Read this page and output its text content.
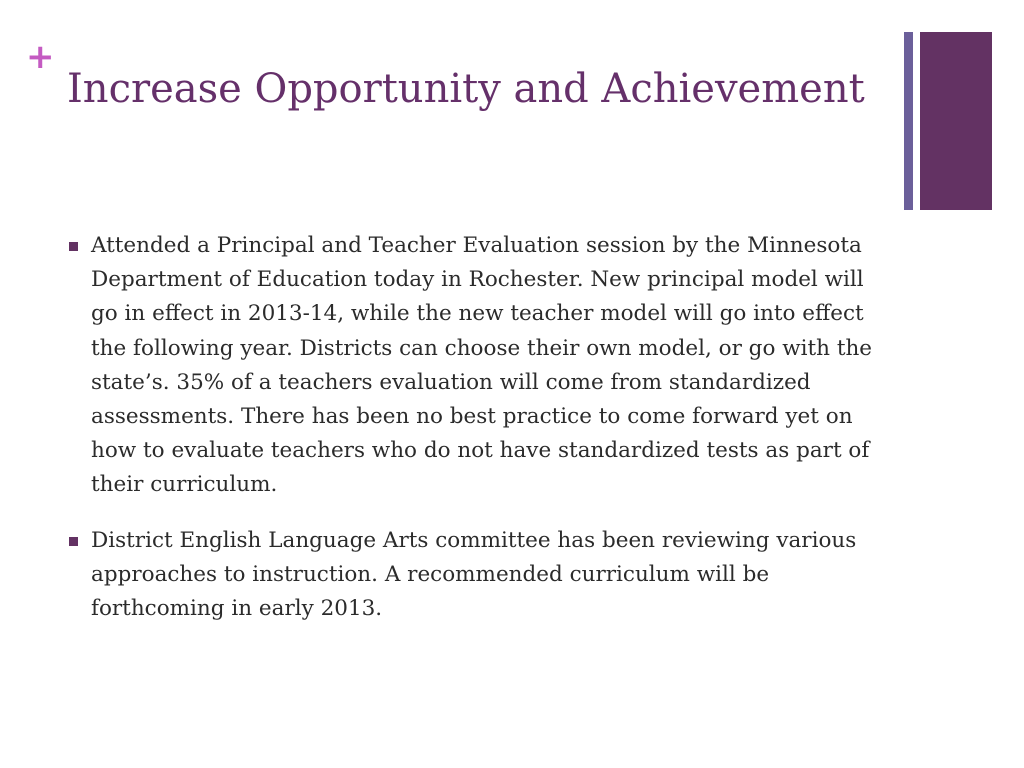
+
Increase Opportunity and Achievement
Attended a Principal and Teacher Evaluation session by the Minnesota Department of Education today in Rochester. New principal model will go in effect in 2013-14, while the new teacher model will go into effect the following year. Districts can choose their own model, or go with the state’s. 35% of a teachers evaluation will come from standardized assessments. There has been no best practice to come forward yet on how to evaluate teachers who do not have standardized tests as part of their curriculum.
District English Language Arts committee has been reviewing various approaches to instruction. A recommended curriculum will be forthcoming in early 2013.
